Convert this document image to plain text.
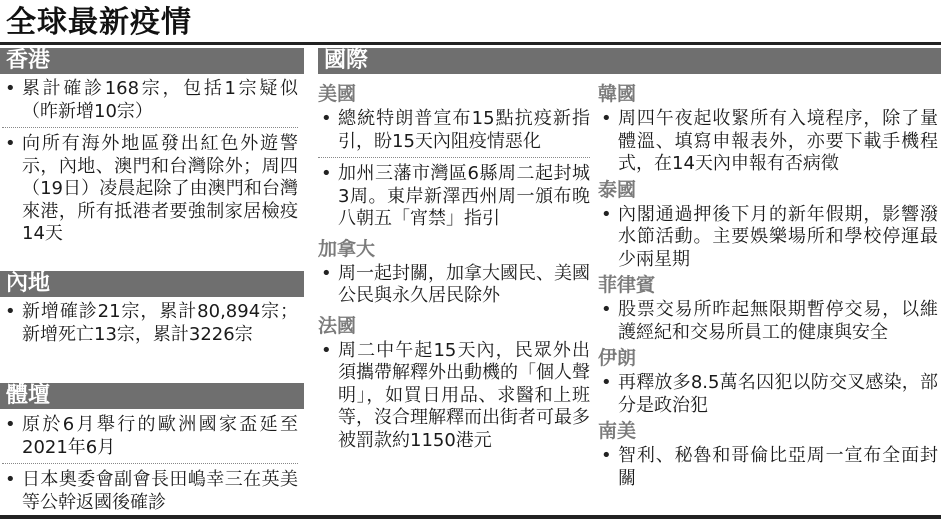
全球最新疫情
香港
• 累計確診168宗，包括1宗疑似（昨新增10宗）
• 向所有海外地區發出紅色外遊警示，內地、澳門和台灣除外；周四（19日）凌晨起除了由澳門和台灣來港，所有抵港者要強制家居檢疫14天
內地
• 新增確診21宗，累計80,894宗；新增死亡13宗，累計3226宗
體壇
• 原於6月舉行的歐洲國家盃延至2021年6月
• 日本奧委會副會長田嶋幸三在英美等公幹返國後確診
國際
美國
• 總統特朗普宣布15點抗疫新指引，盼15天內阻疫情惡化
• 加州三藩市灣區6縣周二起封城3周。東岸新澤西州周一頒布晚八朝五「宵禁」指引
加拿大
• 周一起封關，加拿大國民、美國公民與永久居民除外
法國
• 周二中午起15天內，民眾外出須攜帶解釋外出動機的「個人聲明」，如買日用品、求醫和上班等，沒合理解釋而出街者可最多被罰款約1150港元
韓國
• 周四午夜起收緊所有入境程序，除了量體溫、填寫申報表外，亦要下載手機程式，在14天內申報有否病徵
泰國
• 內閣通過押後下月的新年假期，影響潑水節活動。主要娛樂場所和學校停運最少兩星期
菲律賓
• 股票交易所昨起無限期暫停交易，以維護經紀和交易所員工的健康與安全
伊朗
• 再釋放多8.5萬名囚犯以防交叉感染，部分是政治犯
南美
• 智利、秘魯和哥倫比亞周一宣布全面封關
